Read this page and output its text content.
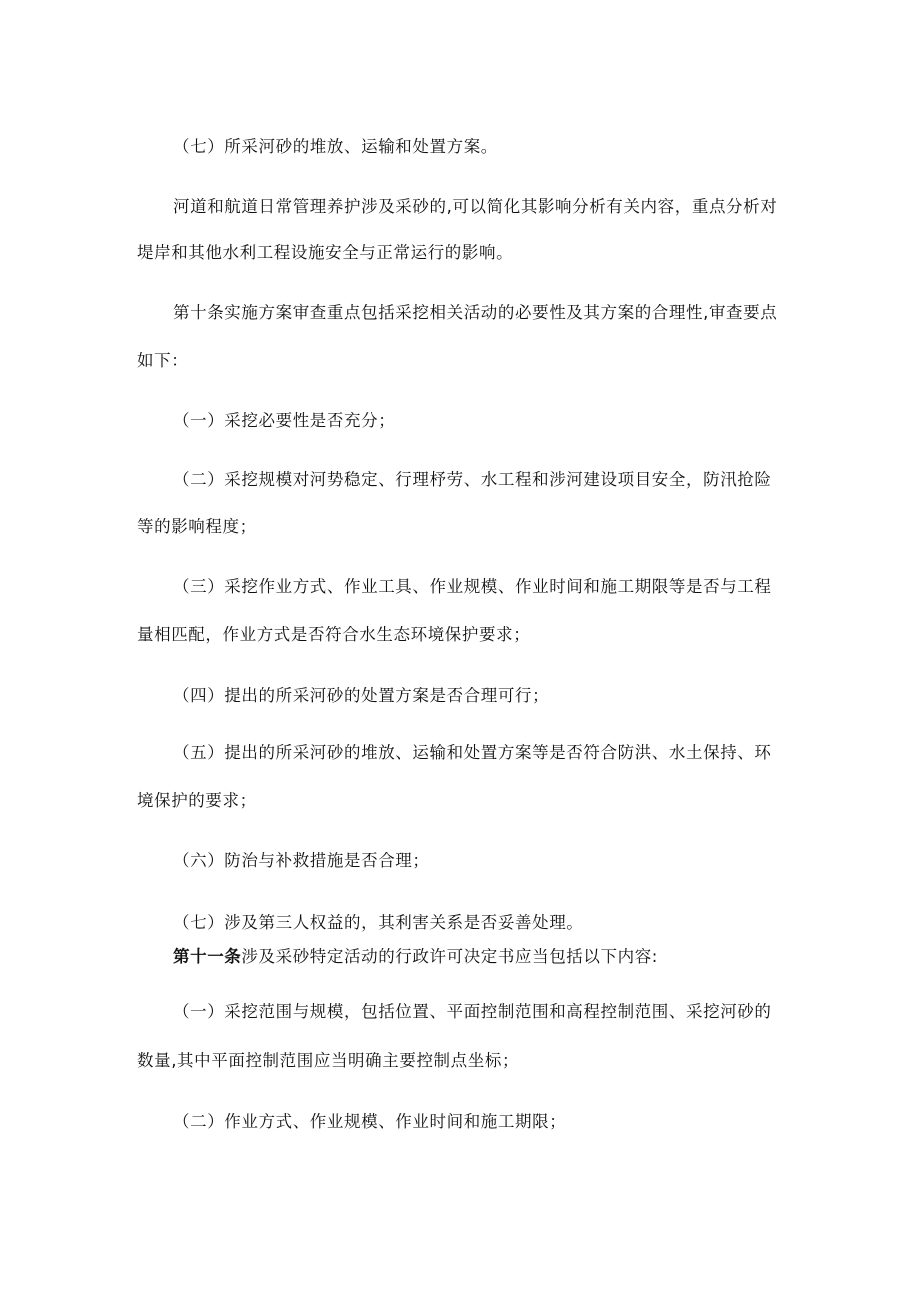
（七）所采河砂的堆放、运输和处置方案。
河道和航道日常管理养护涉及采砂的,可以简化其影响分析有关内容，重点分析对
堤岸和其他水利工程设施安全与正常运行的影响。
第十条实施方案审查重点包括采挖相关活动的必要性及其方案的合理性,审查要点
如下：
（一）采挖必要性是否充分；
（二）采挖规模对河势稳定、行理杼劳、水工程和涉河建设项目安全，防汛抢险
等的影响程度；
（三）采挖作业方式、作业工具、作业规模、作业时间和施工期限等是否与工程
量相匹配，作业方式是否符合水生态环境保护要求；
（四）提出的所采河砂的处置方案是否合理可行；
（五）提出的所采河砂的堆放、运输和处置方案等是否符合防洪、水土保持、环
境保护的要求；
（六）防治与补救措施是否合理；
（七）涉及第三人权益的，其利害关系是否妥善处理。
第十一条涉及采砂特定活动的行政许可决定书应当包括以下内容:
（一）采挖范围与规模，包括位置、平面控制范围和高程控制范围、采挖河砂的
数量,其中平面控制范围应当明确主要控制点坐标；
（二）作业方式、作业规模、作业时间和施工期限；
